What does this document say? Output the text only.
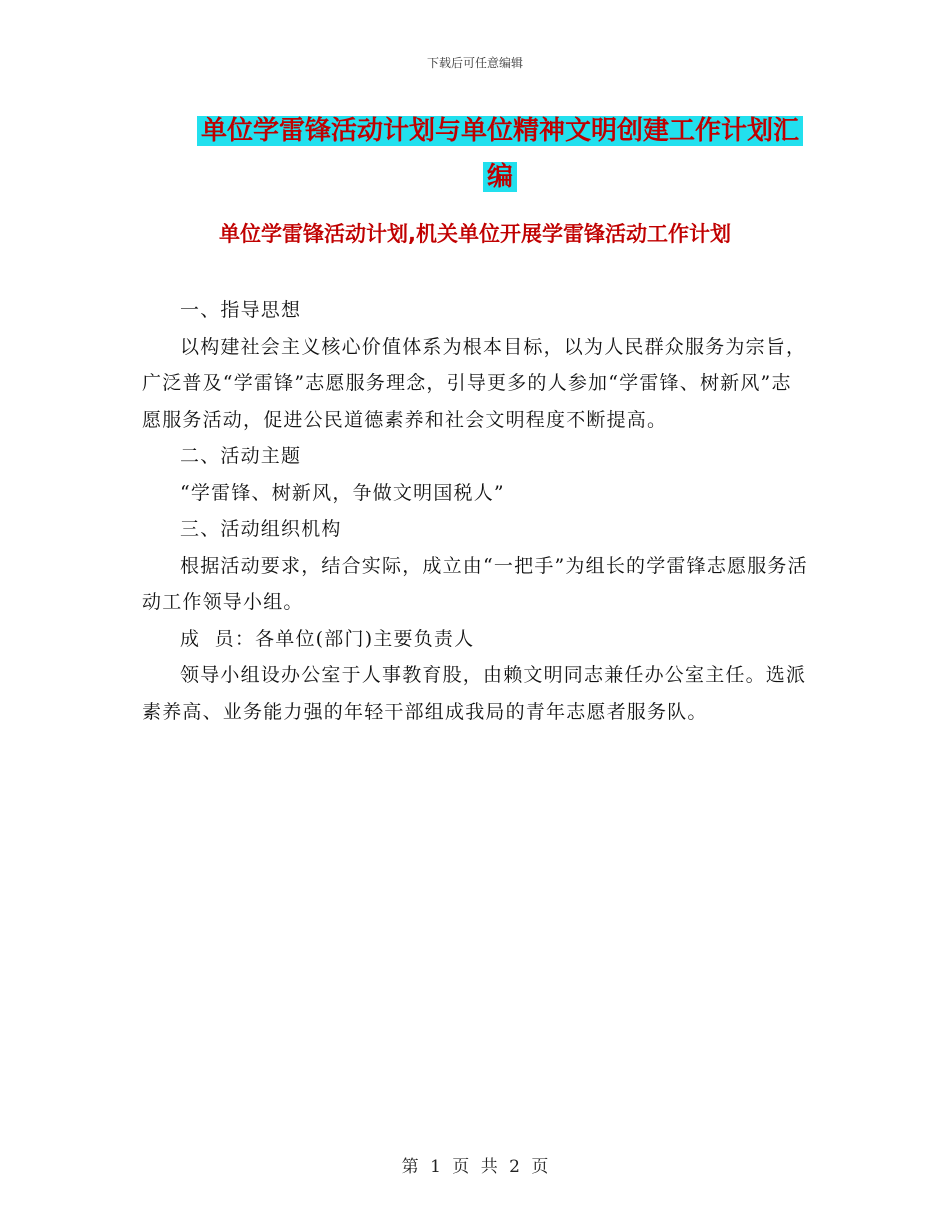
下载后可任意编辑
单位学雷锋活动计划与单位精神文明创建工作计划汇
编
单位学雷锋活动计划,机关单位开展学雷锋活动工作计划

一、指导思想

以构建社会主义核心价值体系为根本目标，以为人民群众服务为宗旨，广泛普及“学雷锋”志愿服务理念，引导更多的人参加“学雷锋、树新风”志愿服务活动，促进公民道德素养和社会文明程度不断提高。

二、活动主题

“学雷锋、树新风，争做文明国税人”

三、活动组织机构

根据活动要求，结合实际，成立由“一把手”为组长的学雷锋志愿服务活动工作领导小组。

成  员：各单位(部门)主要负责人

领导小组设办公室于人事教育股，由赖文明同志兼任办公室主任。选派素养高、业务能力强的年轻干部组成我局的青年志愿者服务队。

第 1 页 共 2 页
